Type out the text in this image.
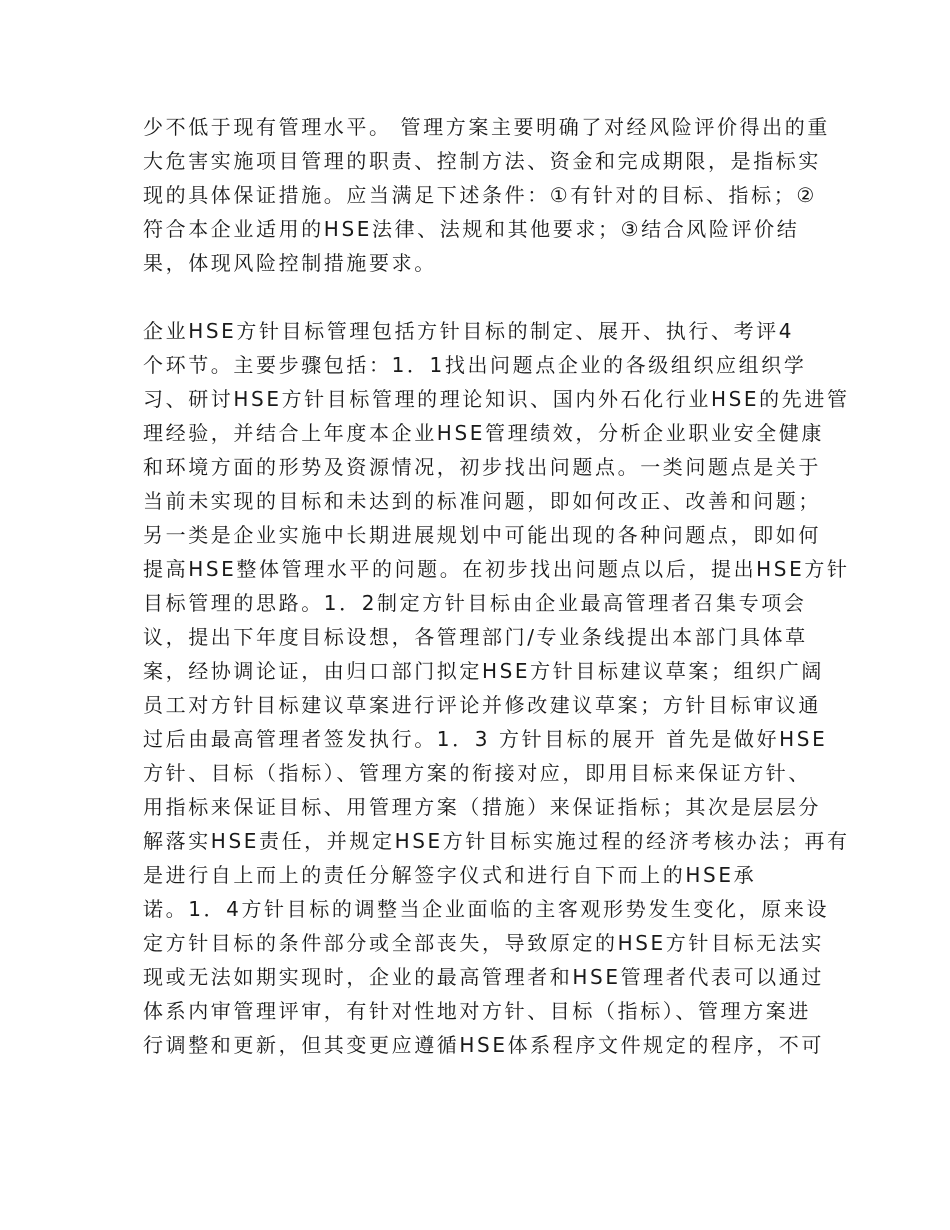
少不低于现有管理水平。 管理方案主要明确了对经风险评价得出的重
大危害实施项目管理的职责、控制方法、资金和完成期限，是指标实
现的具体保证措施。应当满足下述条件：①有针对的目标、指标；②
符合本企业适用的HSE法律、法规和其他要求；③结合风险评价结
果，体现风险控制措施要求。
企业HSE方针目标管理包括方针目标的制定、展开、执行、考评4
个环节。主要步骤包括：1．1找出问题点企业的各级组织应组织学
习、研讨HSE方针目标管理的理论知识、国内外石化行业HSE的先进管
理经验，并结合上年度本企业HSE管理绩效，分析企业职业安全健康
和环境方面的形势及资源情况，初步找出问题点。一类问题点是关于
当前未实现的目标和未达到的标准问题，即如何改正、改善和问题；
另一类是企业实施中长期进展规划中可能出现的各种问题点，即如何
提高HSE整体管理水平的问题。在初步找出问题点以后，提出HSE方针
目标管理的思路。1．2制定方针目标由企业最高管理者召集专项会
议，提出下年度目标设想，各管理部门/专业条线提出本部门具体草
案，经协调论证，由归口部门拟定HSE方针目标建议草案；组织广阔
员工对方针目标建议草案进行评论并修改建议草案；方针目标审议通
过后由最高管理者签发执行。1．3 方针目标的展开 首先是做好HSE
方针、目标（指标）、管理方案的衔接对应，即用目标来保证方针、
用指标来保证目标、用管理方案（措施）来保证指标；其次是层层分
解落实HSE责任，并规定HSE方针目标实施过程的经济考核办法；再有
是进行自上而上的责任分解签字仪式和进行自下而上的HSE承
诺。1．4方针目标的调整当企业面临的主客观形势发生变化，原来设
定方针目标的条件部分或全部丧失，导致原定的HSE方针目标无法实
现或无法如期实现时，企业的最高管理者和HSE管理者代表可以通过
体系内审管理评审，有针对性地对方针、目标（指标）、管理方案进
行调整和更新，但其变更应遵循HSE体系程序文件规定的程序，不可
